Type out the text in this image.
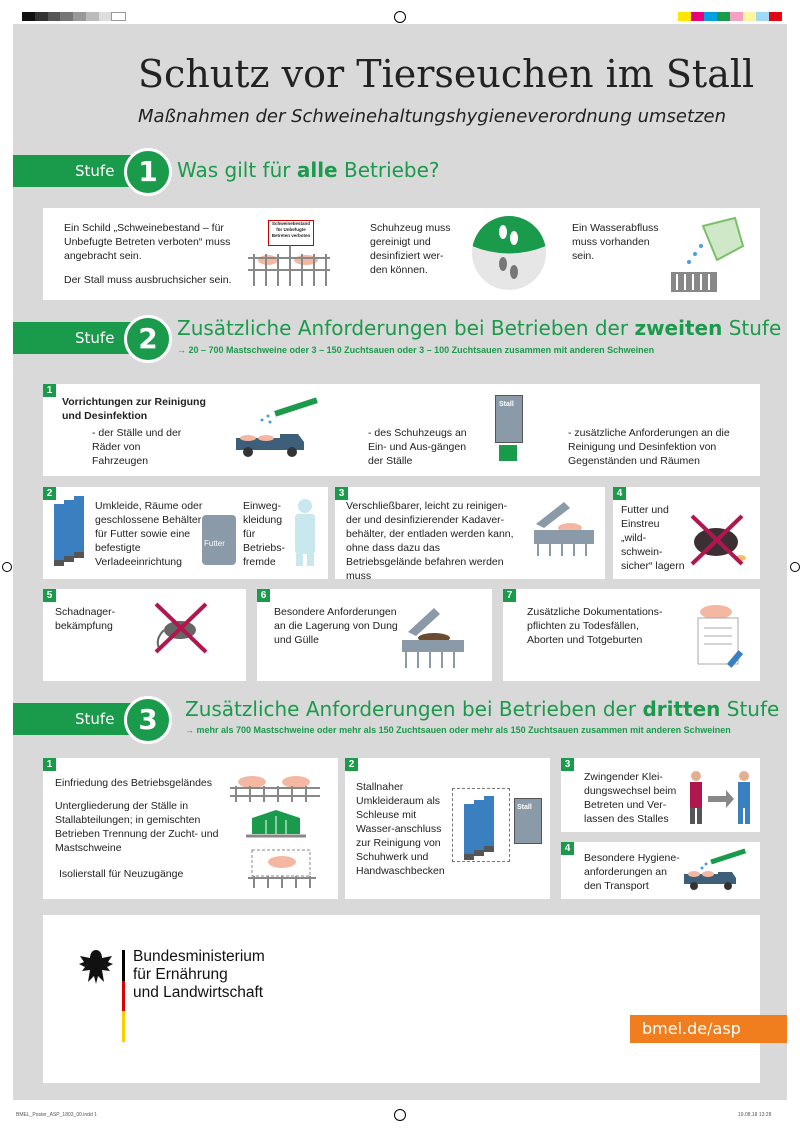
BMEL_Poster_ASP_1803_00.indd 1	19.08.18 13:28
Schutz vor Tierseuchen im Stall
Maßnahmen der Schweinehaltungshygieneverordnung umsetzen
Stufe 1 Was gilt für alle Betriebe?
Ein Schild „Schweinebestand – für Unbefugte Betreten verboten“ muss angebracht sein.
Der Stall muss ausbruchsicher sein.
Schweinebestand für Unbefugte Betreten verboten
Schuhzeug muss gereinigt und desinfiziert wer-den können.
Ein Wasserabfluss muss vorhanden sein.
Stufe 2 Zusätzliche Anforderungen bei Betrieben der zweiten Stufe
→ 20 – 700 Mastschweine oder 3 – 150 Zuchtsauen oder 3 – 100 Zuchtsauen zusammen mit anderen Schweinen
1
Vorrichtungen zur Reinigung und Desinfektion
- der Ställe und der Räder von Fahrzeugen
- des Schuhzeugs an Ein- und Aus-gängen der Ställe
Stall
- zusätzliche Anforderungen an die Reinigung und Desinfektion von Gegenständen und Räumen
2
Umkleide, Räume oder geschlossene Behälter für Futter sowie eine befestigte Verladeeinrichtung
Futter
Einweg-kleidung für Betriebs-fremde
3
Verschließbarer, leicht zu reinigen-der und desinfizierender Kadaver-behälter, der entladen werden kann, ohne dass dazu das Betriebsgelände befahren werden muss
4
Futter und Einstreu „wild-schwein-sicher“ lagern
5
Schadnager-bekämpfung
6
Besondere Anforderungen an die Lagerung von Dung und Gülle
7
Zusätzliche Dokumentations-pflichten zu Todesfällen, Aborten und Totgeburten
Stufe 3	Zusätzliche Anforderungen bei Betrieben der dritten Stufe
→ mehr als 700 Mastschweine oder mehr als 150 Zuchtsauen oder mehr als 150 Zuchtsauen zusammen mit anderen Schweinen
1
Einfriedung des Betriebsgeländes
Untergliederung der Ställe in Stallabteilungen; in gemischten Betrieben Trennung der Zucht- und Mastschweine
Isolierstall für Neuzugänge
2
Stallnaher Umkleideraum als Schleuse mit Wasser-anschluss zur Reinigung von Schuhwerk und Handwaschbecken
Stall
3
Zwingender Klei-dungswechsel beim Betreten und Ver-lassen des Stalles
4
Besondere Hygiene-anforderungen an den Transport
Bundesministerium
für Ernährung
und Landwirtschaft
bmel.de/asp
